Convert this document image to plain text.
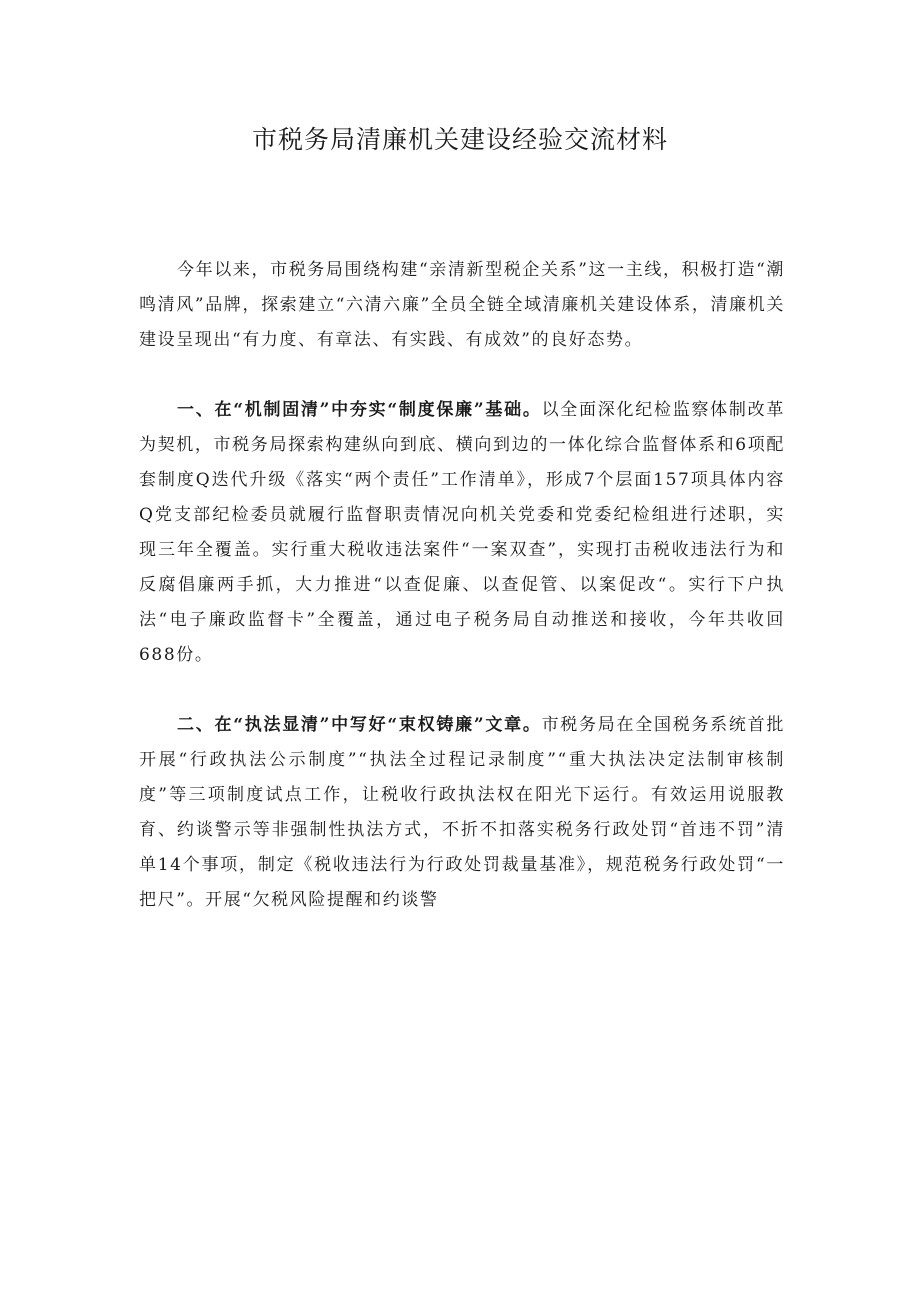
市税务局清廉机关建设经验交流材料

今年以来，市税务局围绕构建“亲清新型税企关系”这一主线，积极打造“潮鸣清风”品牌，探索建立“六清六廉”全员全链全域清廉机关建设体系，清廉机关建设呈现出“有力度、有章法、有实践、有成效”的良好态势。

一、在“机制固清”中夯实“制度保廉”基础。以全面深化纪检监察体制改革为契机，市税务局探索构建纵向到底、横向到边的一体化综合监督体系和6项配套制度Q迭代升级《落实“两个责任”工作清单》，形成7个层面157项具体内容Q党支部纪检委员就履行监督职责情况向机关党委和党委纪检组进行述职，实现三年全覆盖。实行重大税收违法案件“一案双查”，实现打击税收违法行为和反腐倡廉两手抓，大力推进“以查促廉、以查促管、以案促改“。实行下户执法“电子廉政监督卡”全覆盖，通过电子税务局自动推送和接收，今年共收回688份。

二、在“执法显清”中写好“束权铸廉”文章。市税务局在全国税务系统首批开展“行政执法公示制度”“执法全过程记录制度”“重大执法决定法制审核制度”等三项制度试点工作，让税收行政执法权在阳光下运行。有效运用说服教育、约谈警示等非强制性执法方式，不折不扣落实税务行政处罚“首违不罚”清单14个事项，制定《税收违法行为行政处罚裁量基准》，规范税务行政处罚“一把尺”。开展“欠税风险提醒和约谈警
